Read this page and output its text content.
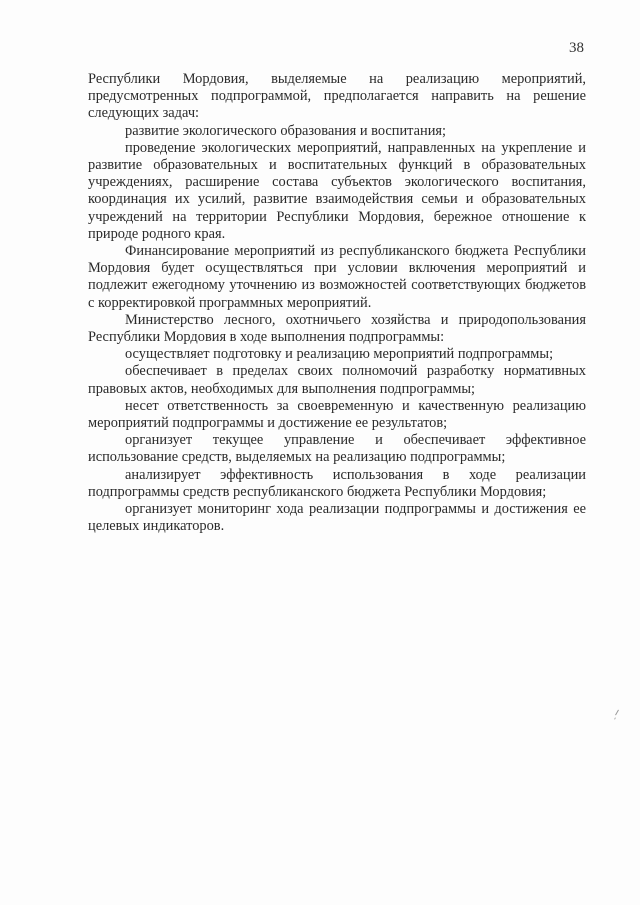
38

Республики Мордовия, выделяемые на реализацию мероприятий, предусмотренных подпрограммой, предполагается направить на решение следующих задач:

развитие экологического образования и воспитания;

проведение экологических мероприятий, направленных на укрепление и развитие образовательных и воспитательных функций в образовательных учреждениях, расширение состава субъектов экологического воспитания, координация их усилий, развитие взаимодействия семьи и образовательных учреждений на территории Республики Мордовия, бережное отношение к природе родного края.

Финансирование мероприятий из республиканского бюджета Республики Мордовия будет осуществляться при условии включения мероприятий и подлежит ежегодному уточнению из возможностей соответствующих бюджетов с корректировкой программных мероприятий.

Министерство лесного, охотничьего хозяйства и природопользования Республики Мордовия в ходе выполнения подпрограммы:

осуществляет подготовку и реализацию мероприятий подпрограммы;

обеспечивает в пределах своих полномочий разработку нормативных правовых актов, необходимых для выполнения подпрограммы;

несет ответственность за своевременную и качественную реализацию мероприятий подпрограммы и достижение ее результатов;

организует текущее управление и обеспечивает эффективное использование средств, выделяемых на реализацию подпрограммы;

анализирует эффективность использования в ходе реализации подпрограммы средств республиканского бюджета Республики Мордовия;

организует мониторинг хода реализации подпрограммы и достижения ее целевых индикаторов.
